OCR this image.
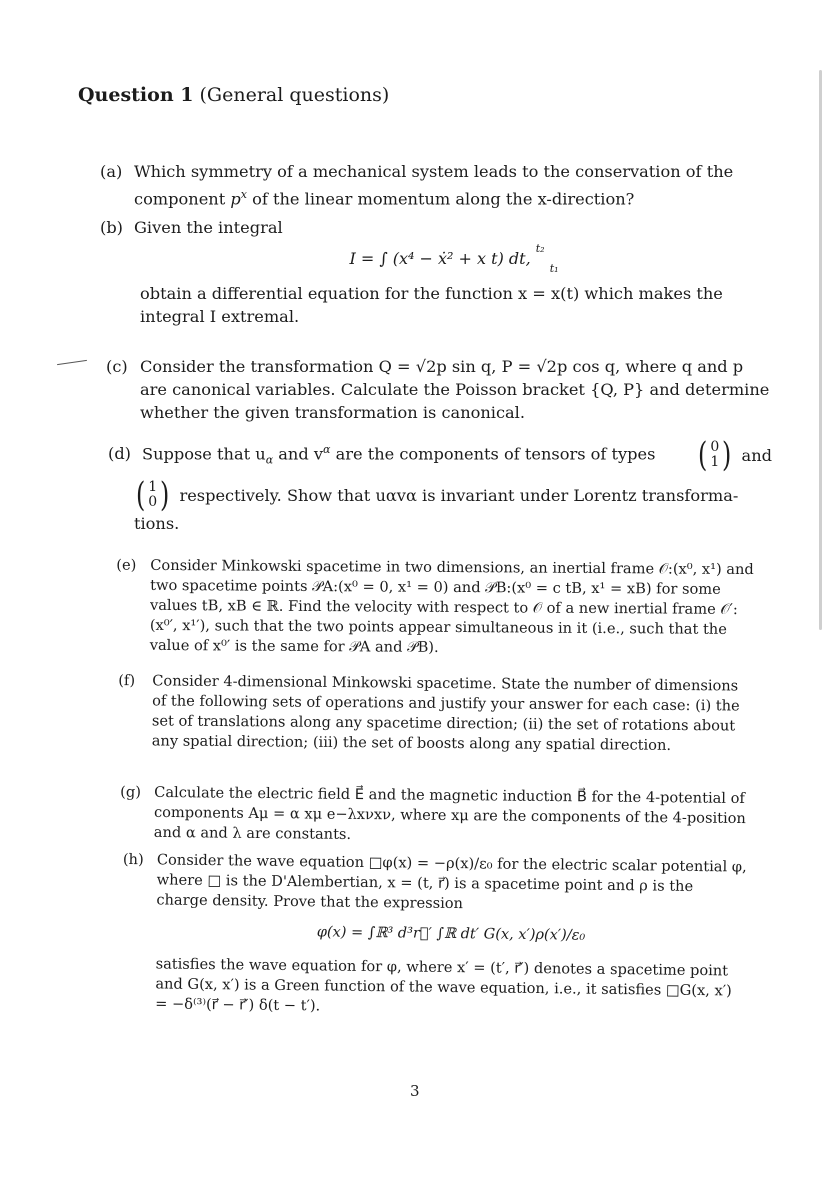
Question 1 (General questions)
(a) Which symmetry of a mechanical system leads to the conservation of the

component $p^x$ of the linear momentum along the x-direction?

(b) Given the integral

I = ∫ (x⁴ − ẋ² + x t) dt, $^{t_2}$ $_{t_1}$

obtain a differential equation for the function x = x(t) which makes the integral I extremal.

(c) Consider the transformation Q = √2p sin q, P = √2p cos q, where q and p are canonical variables. Calculate the Poisson bracket {Q, P} and determine whether the given transformation is canonical.

(d) Suppose that $u_\alpha$ and $v^\alpha$ are the components of tensors of types ( 0
1 ) and

( 1
0 ) respectively. Show that uαvα is invariant under Lorentz transforma-

tions.

(e) Consider Minkowski spacetime in two dimensions, an inertial frame 𝒪:(x⁰, x¹) and two spacetime points 𝒫A:(x⁰ = 0, x¹ = 0) and 𝒫B:(x⁰ = c tB, x¹ = xB) for some values tB, xB ∈ ℝ. Find the velocity with respect to 𝒪 of a new inertial frame 𝒪′:(x⁰′, x¹′), such that the two points appear simultaneous in it (i.e., such that the value of x⁰′ is the same for 𝒫A and 𝒫B).

(f) Consider 4-dimensional Minkowski spacetime. State the number of dimensions of the following sets of operations and justify your answer for each case: (i) the set of translations along any spacetime direction; (ii) the set of rotations about any spatial direction; (iii) the set of boosts along any spatial direction.

(g) Calculate the electric field E⃗ and the magnetic induction B⃗ for the 4-potential of components Aμ = α xμ e−λxνxν, where xμ are the components of the 4-position and α and λ are constants.

(h) Consider the wave equation □φ(x) = −ρ(x)/ε₀ for the electric scalar potential φ, where □ is the D'Alembertian, x = (t, r⃗) is a spacetime point and ρ is the charge density. Prove that the expression

φ(x) = ∫ℝ³ d³r⃗′ ∫ℝ dt′ G(x, x′)ρ(x′)/ε₀

satisfies the wave equation for φ, where x′ = (t′, r⃗′) denotes a spacetime point and G(x, x′) is a Green function of the wave equation, i.e., it satisfies □G(x, x′) = −δ⁽³⁾(r⃗ − r⃗′) δ(t − t′).

3
